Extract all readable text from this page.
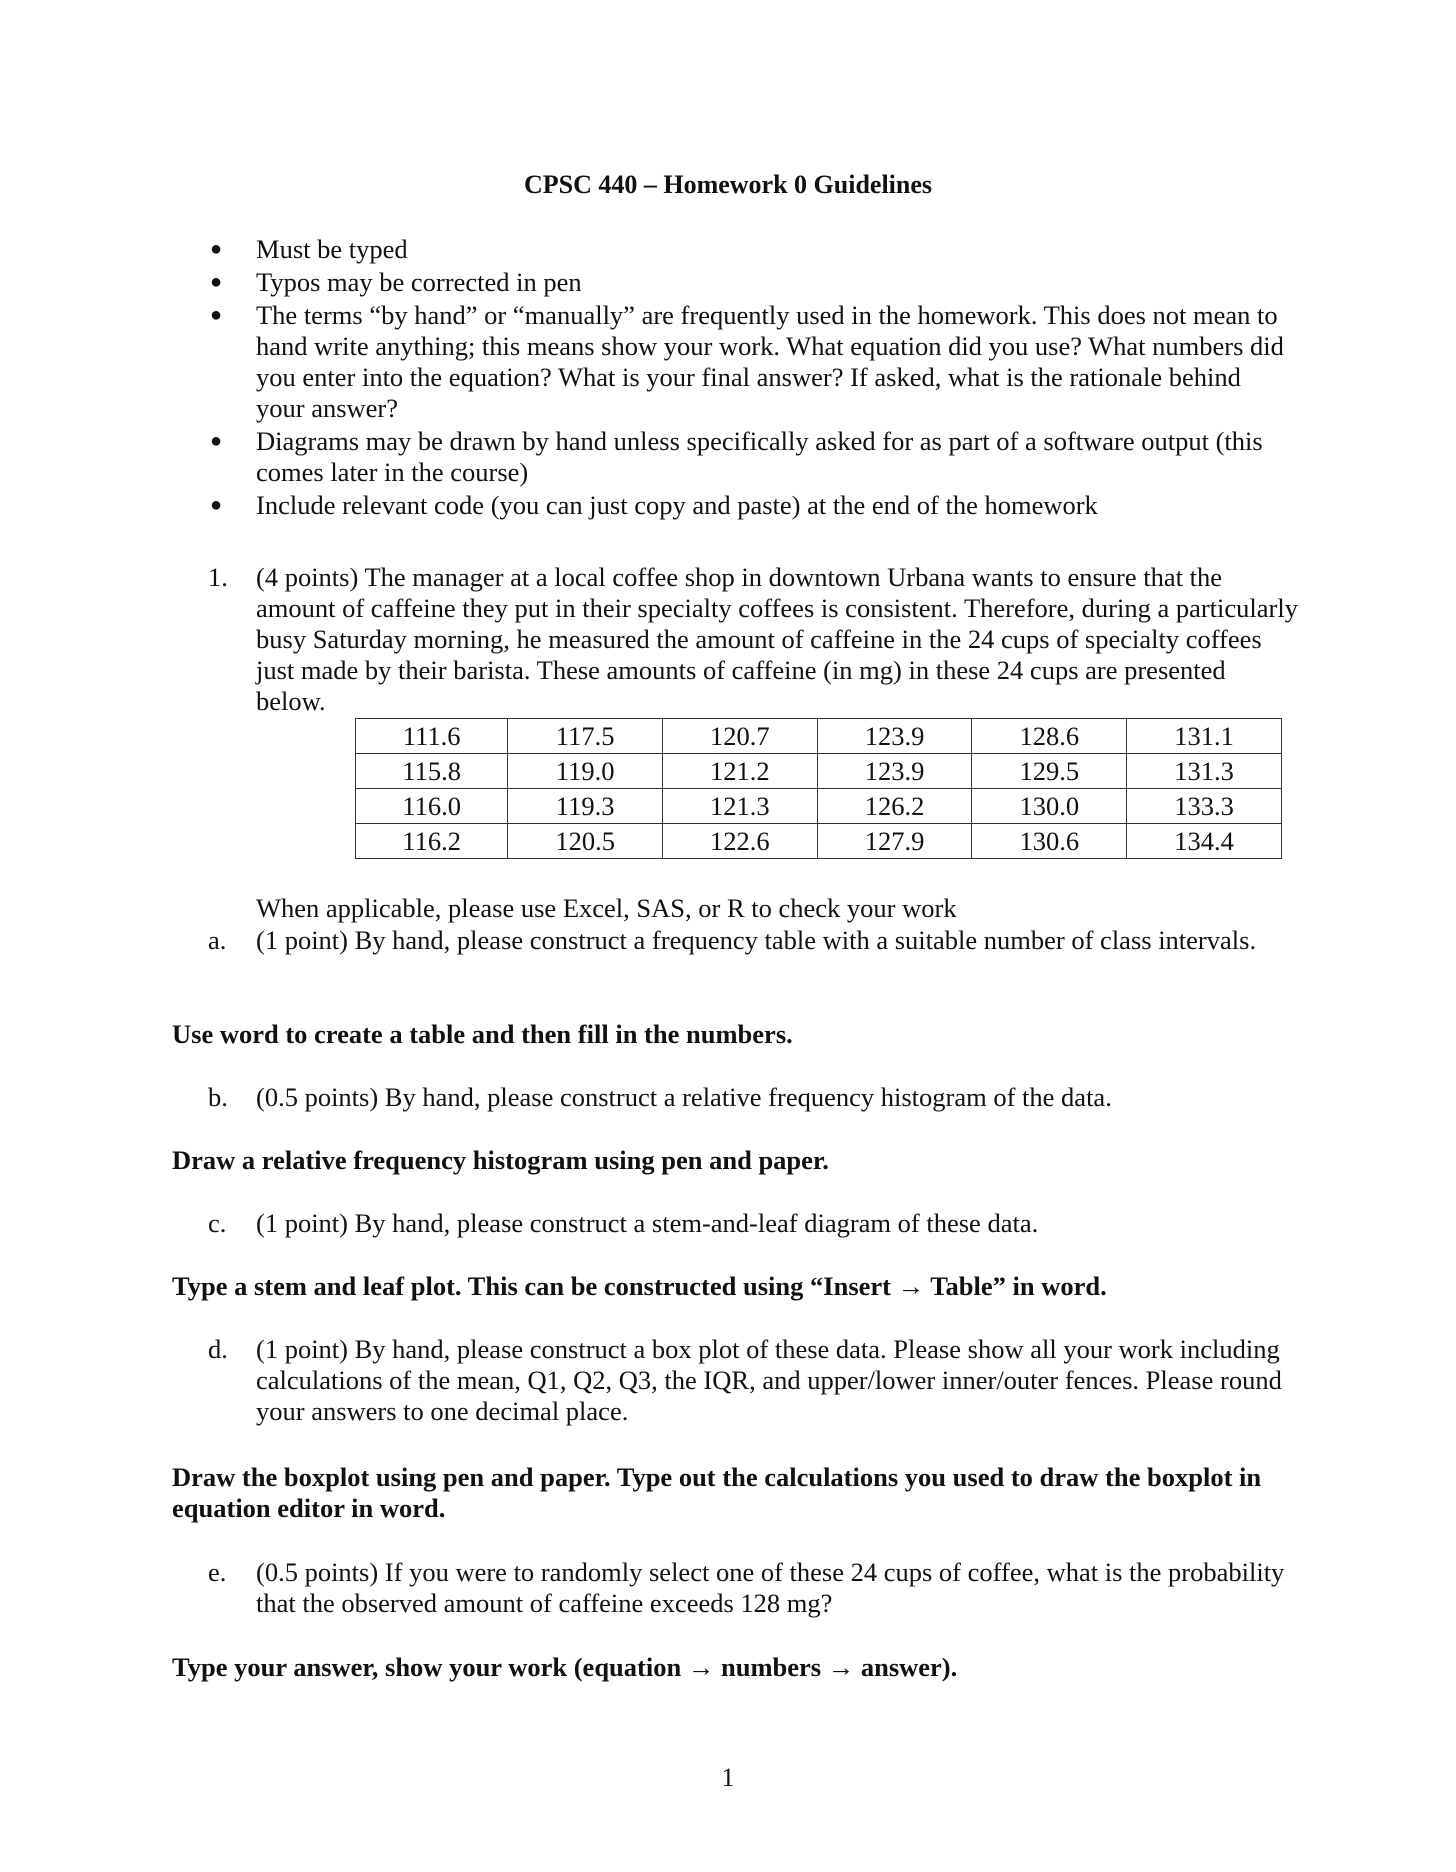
CPSC 440 – Homework 0 Guidelines
● Must be typed
● Typos may be corrected in pen
● The terms “by hand” or “manually” are frequently used in the homework. This does not mean to hand write anything; this means show your work. What equation did you use? What numbers did you enter into the equation? What is your final answer? If asked, what is the rationale behind your answer?
● Diagrams may be drawn by hand unless specifically asked for as part of a software output (this comes later in the course)
● Include relevant code (you can just copy and paste) at the end of the homework
1.	(4 points) The manager at a local coffee shop in downtown Urbana wants to ensure that the amount of caffeine they put in their specialty coffees is consistent. Therefore, during a particularly busy Saturday morning, he measured the amount of caffeine in the 24 cups of specialty coffees just made by their barista. These amounts of caffeine (in mg) in these 24 cups are presented below.
111.6	117.5	120.7	123.9	128.6	131.1
115.8	119.0	121.2	123.9	129.5	131.3
116.0	119.3	121.3	126.2	130.0	133.3
116.2	120.5	122.6	127.9	130.6	134.4
When applicable, please use Excel, SAS, or R to check your work
a.	(1 point) By hand, please construct a frequency table with a suitable number of class intervals.
Use word to create a table and then fill in the numbers.
b.	(0.5 points) By hand, please construct a relative frequency histogram of the data.
Draw a relative frequency histogram using pen and paper.
c.	(1 point) By hand, please construct a stem-and-leaf diagram of these data.
Type a stem and leaf plot. This can be constructed using “Insert → Table” in word.
d.	(1 point) By hand, please construct a box plot of these data. Please show all your work including calculations of the mean, Q1, Q2, Q3, the IQR, and upper/lower inner/outer fences. Please round your answers to one decimal place.
Draw the boxplot using pen and paper. Type out the calculations you used to draw the boxplot in equation editor in word.
e.	(0.5 points) If you were to randomly select one of these 24 cups of coffee, what is the probability that the observed amount of caffeine exceeds 128 mg?
Type your answer, show your work (equation → numbers → answer).
1
